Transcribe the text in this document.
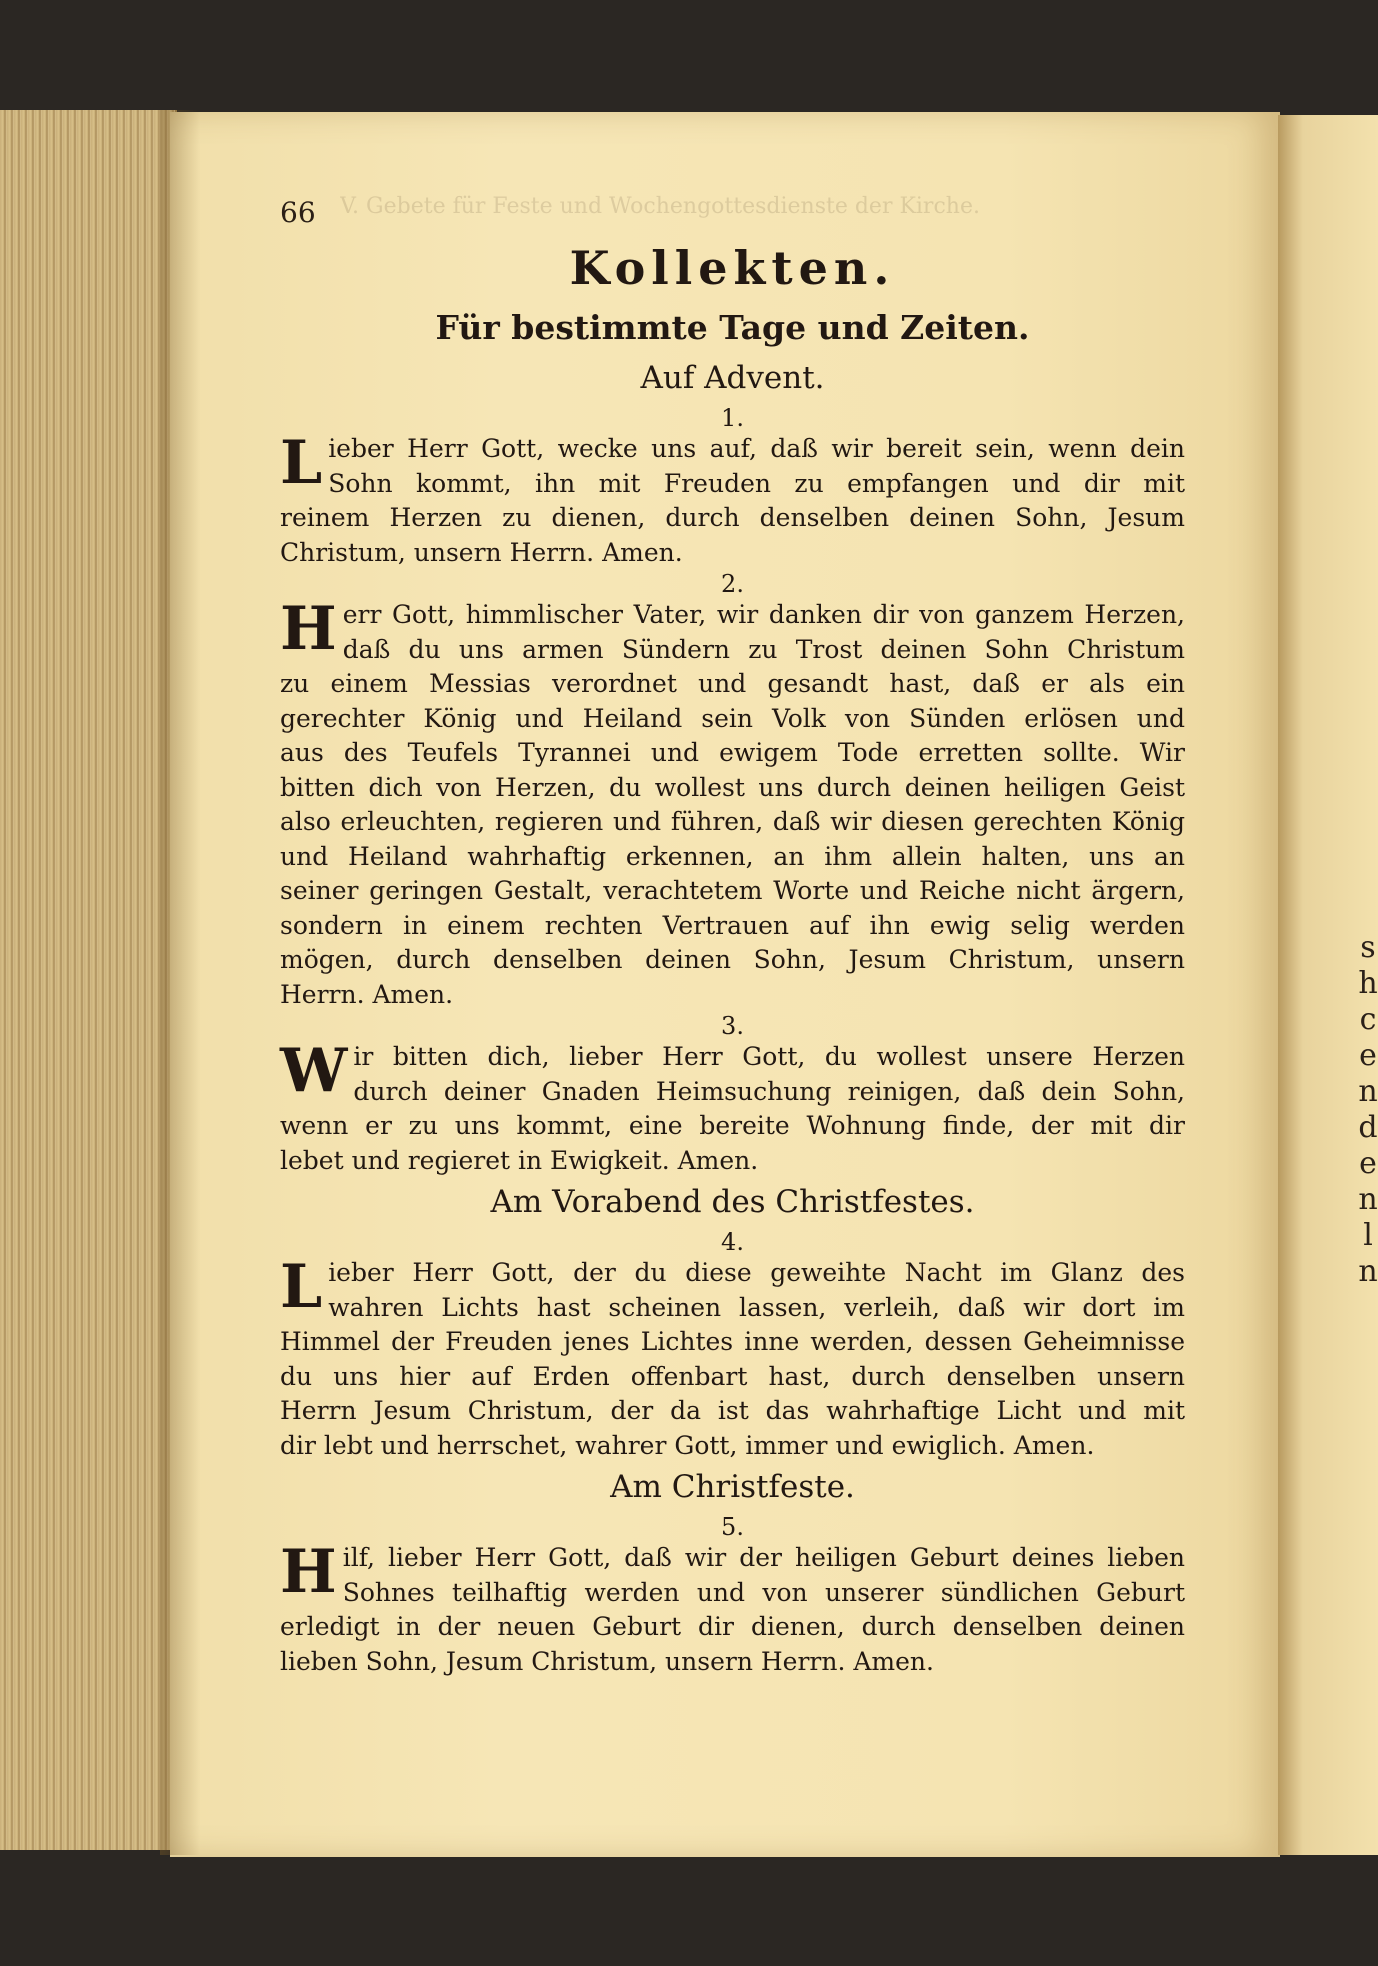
s
h
c
e
n
d
e
n
l
n
66 V. Gebete für Feste und Wochengottesdienste der Kirche.
Kollekten.
Für bestimmte Tage und Zeiten.
Auf Advent.
1.
L ieber Herr Gott, wecke uns auf, daß wir bereit sein, wenn dein
Sohn kommt, ihn mit Freuden zu empfangen und dir mit
reinem Herzen zu dienen, durch denselben deinen Sohn, Jesum
Christum, unsern Herrn. Amen.
2.
H err Gott, himmlischer Vater, wir danken dir von ganzem Herzen,
daß du uns armen Sündern zu Trost deinen Sohn Christum
zu einem Messias verordnet und gesandt hast, daß er als ein
gerechter König und Heiland sein Volk von Sünden erlösen und
aus des Teufels Tyrannei und ewigem Tode erretten sollte. Wir
bitten dich von Herzen, du wollest uns durch deinen heiligen Geist
also erleuchten, regieren und führen, daß wir diesen gerechten König
und Heiland wahrhaftig erkennen, an ihm allein halten, uns an
seiner geringen Gestalt, verachtetem Worte und Reiche nicht ärgern,
sondern in einem rechten Vertrauen auf ihn ewig selig werden
mögen, durch denselben deinen Sohn, Jesum Christum, unsern
Herrn. Amen.
3.
W ir bitten dich, lieber Herr Gott, du wollest unsere Herzen
durch deiner Gnaden Heimsuchung reinigen, daß dein Sohn,
wenn er zu uns kommt, eine bereite Wohnung finde, der mit dir
lebet und regieret in Ewigkeit. Amen.
Am Vorabend des Christfestes.
4.
L ieber Herr Gott, der du diese geweihte Nacht im Glanz des
wahren Lichts hast scheinen lassen, verleih, daß wir dort im
Himmel der Freuden jenes Lichtes inne werden, dessen Geheimnisse
du uns hier auf Erden offenbart hast, durch denselben unsern
Herrn Jesum Christum, der da ist das wahrhaftige Licht und mit
dir lebt und herrschet, wahrer Gott, immer und ewiglich. Amen.
Am Christfeste.
5.
H ilf, lieber Herr Gott, daß wir der heiligen Geburt deines lieben
Sohnes teilhaftig werden und von unserer sündlichen Geburt
erledigt in der neuen Geburt dir dienen, durch denselben deinen
lieben Sohn, Jesum Christum, unsern Herrn. Amen.
